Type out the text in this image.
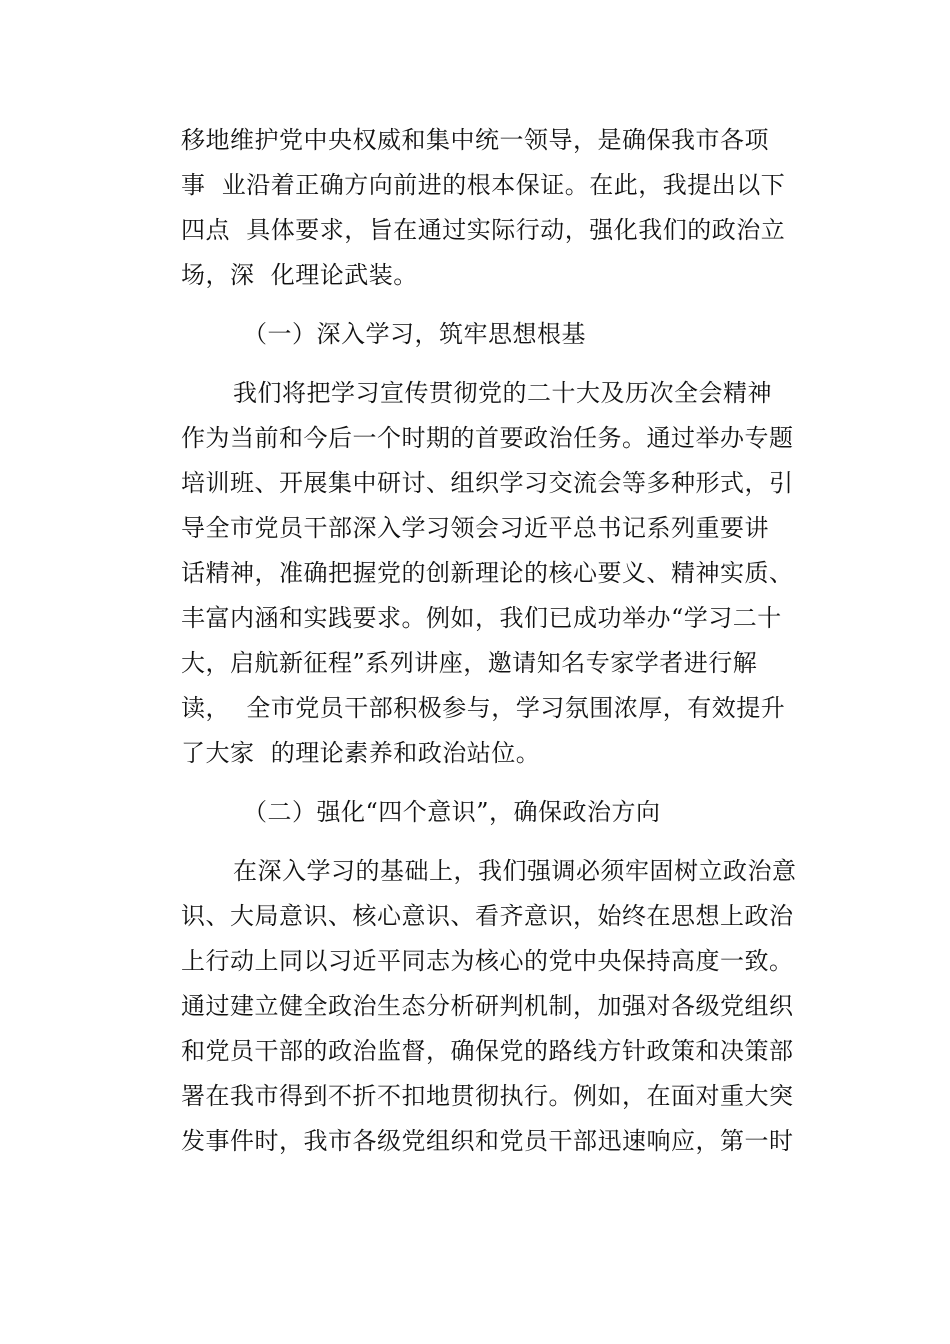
移地维护党中央权威和集中统一领导，是确保我市各项
事  业沿着正确方向前进的根本保证。在此，我提出以下
四点  具体要求，旨在通过实际行动，强化我们的政治立
场，深  化理论武装。
（一）深入学习，筑牢思想根基
我们将把学习宣传贯彻党的二十大及历次全会精神
作为当前和今后一个时期的首要政治任务。通过举办专题
培训班、开展集中研讨、组织学习交流会等多种形式，引
导全市党员干部深入学习领会习近平总书记系列重要讲
话精神，准确把握党的创新理论的核心要义、精神实质、
丰富内涵和实践要求。例如，我们已成功举办“学习二十
大，启航新征程”系列讲座，邀请知名专家学者进行解
读，  全市党员干部积极参与，学习氛围浓厚，有效提升
了大家  的理论素养和政治站位。
（二）强化“四个意识”，确保政治方向
在深入学习的基础上，我们强调必须牢固树立政治意
识、大局意识、核心意识、看齐意识，始终在思想上政治
上行动上同以习近平同志为核心的党中央保持高度一致。
通过建立健全政治生态分析研判机制，加强对各级党组织
和党员干部的政治监督，确保党的路线方针政策和决策部
署在我市得到不折不扣地贯彻执行。例如，在面对重大突
发事件时，我市各级党组织和党员干部迅速响应，第一时
